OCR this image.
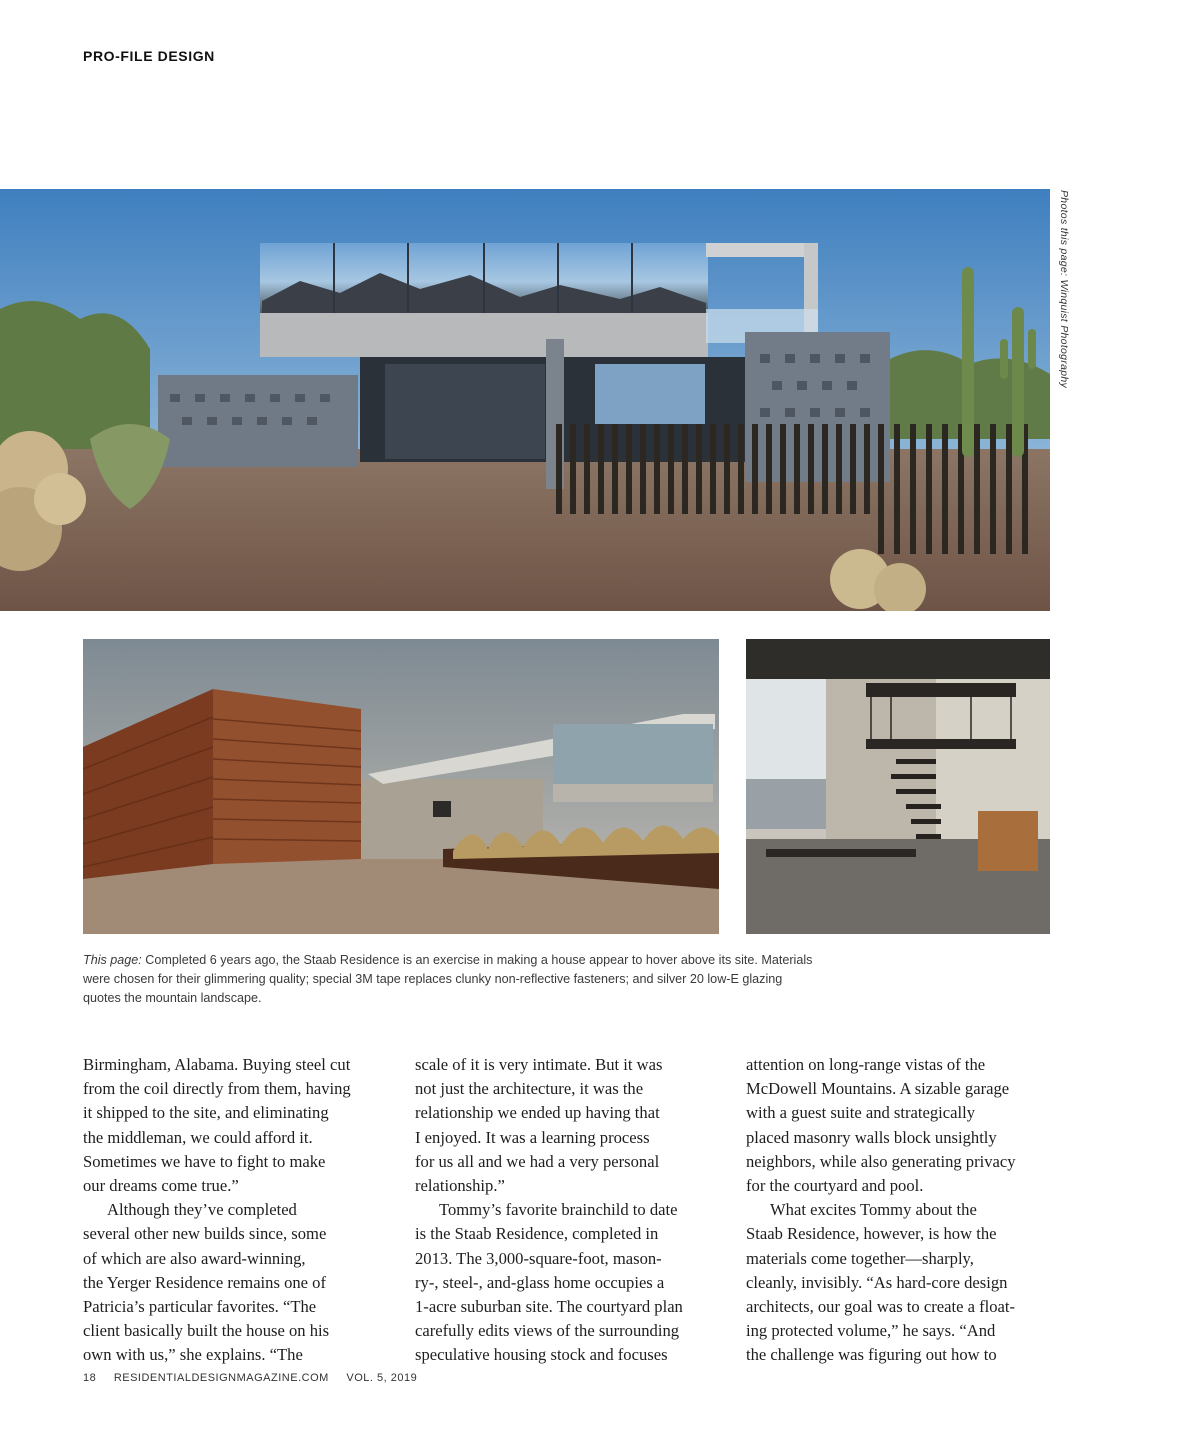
PRO-FILE DESIGN
Photos this page: Winquist Photography
This page: Completed 6 years ago, the Staab Residence is an exercise in making a house appear to hover above its site. Materials
were chosen for their glimmering quality; special 3M tape replaces clunky non-reflective fasteners; and silver 20 low-E glazing
quotes the mountain landscape.
Birmingham, Alabama. Buying steel cut
from the coil directly from them, having
it shipped to the site, and eliminating
the middleman, we could afford it.
Sometimes we have to fight to make
our dreams come true.”
Although they’ve completed
several other new builds since, some
of which are also award-winning,
the Yerger Residence remains one of
Patricia’s particular favorites. “The
client basically built the house on his
own with us,” she explains. “The
scale of it is very intimate. But it was
not just the architecture, it was the
relationship we ended up having that
I enjoyed. It was a learning process
for us all and we had a very personal
relationship.”
Tommy’s favorite brainchild to date
is the Staab Residence, completed in
2013. The 3,000-square-foot, mason-
ry-, steel-, and-glass home occupies a
1-acre suburban site. The courtyard plan
carefully edits views of the surrounding
speculative housing stock and focuses
attention on long-range vistas of the
McDowell Mountains. A sizable garage
with a guest suite and strategically
placed masonry walls block unsightly
neighbors, while also generating privacy
for the courtyard and pool.
What excites Tommy about the
Staab Residence, however, is how the
materials come together—sharply,
cleanly, invisibly. “As hard-core design
architects, our goal was to create a float-
ing protected volume,” he says. “And
the challenge was figuring out how to
18 RESIDENTIALDESIGNMAGAZINE.COM VOL. 5, 2019
